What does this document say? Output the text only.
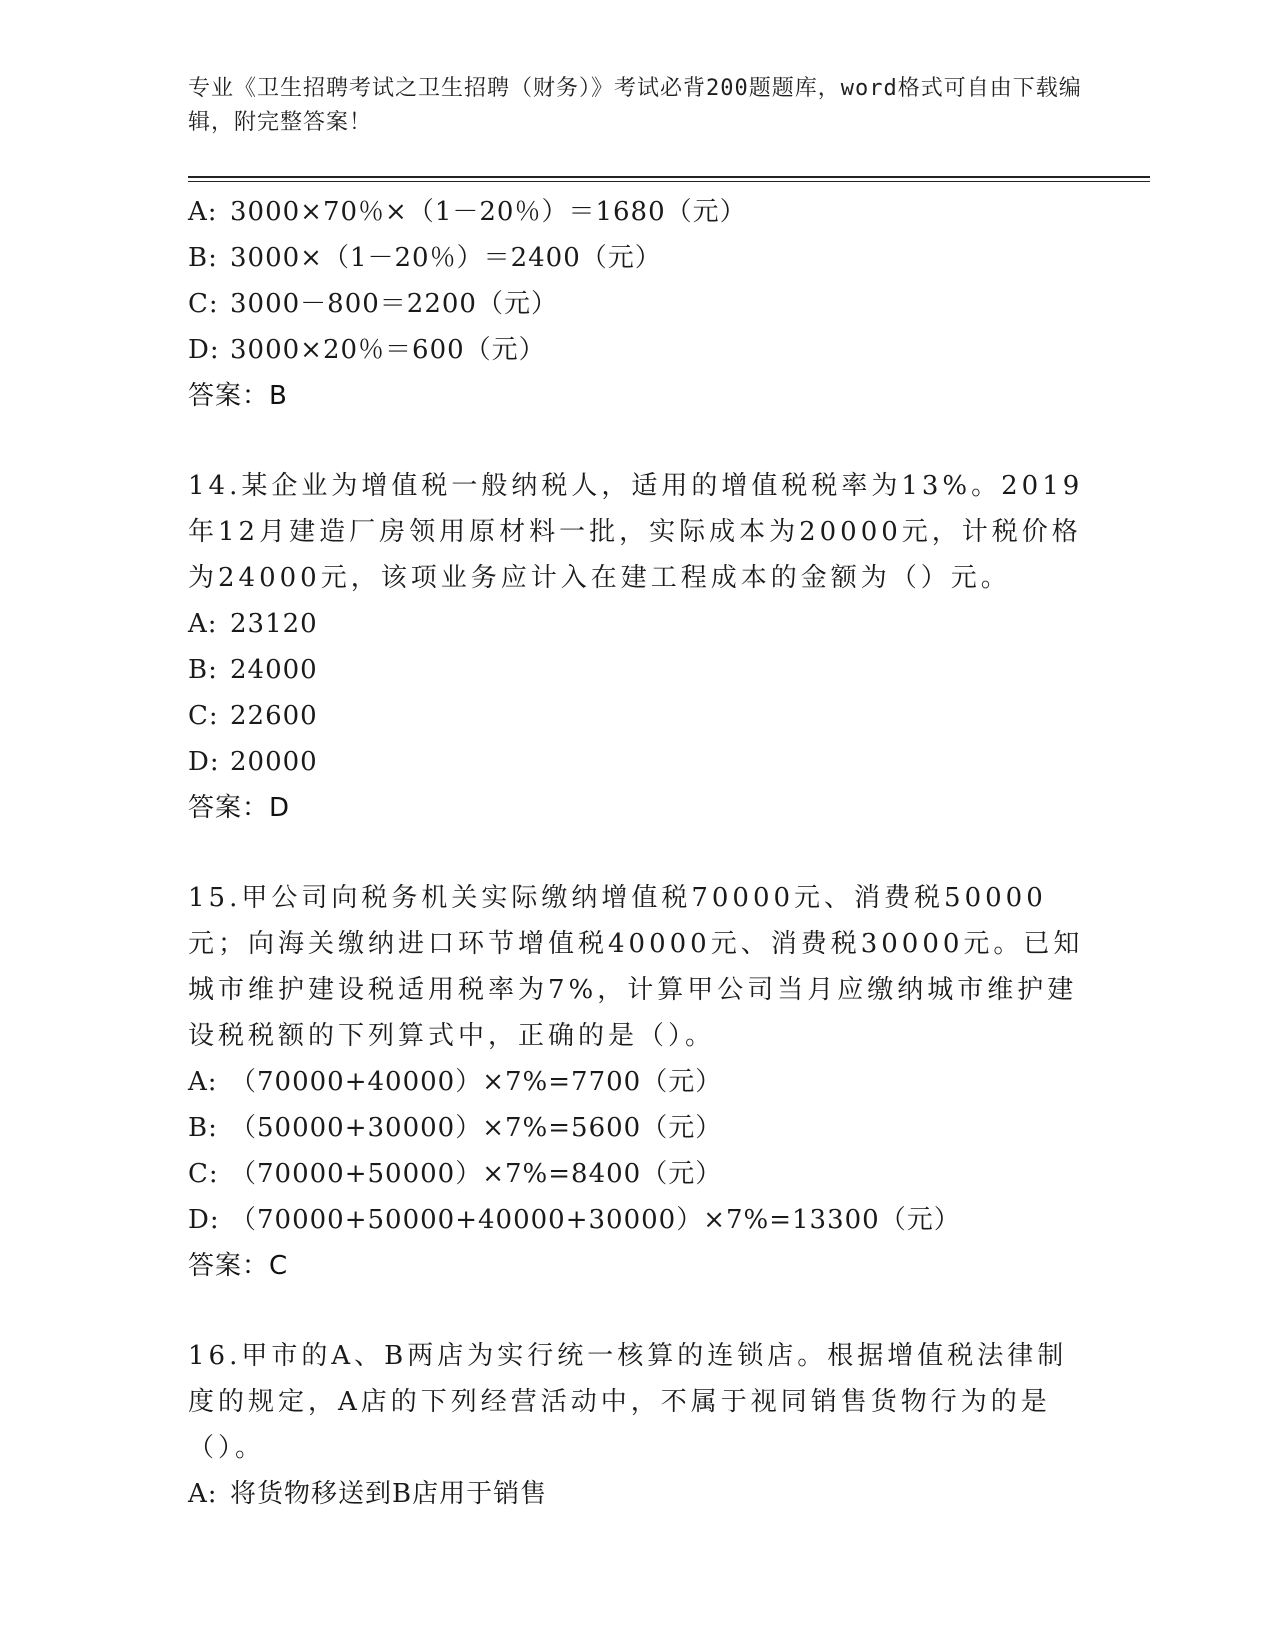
专业《卫生招聘考试之卫生招聘（财务）》考试必背200题题库，word格式可自由下载编辑，附完整答案！
A: 3000×70％×（1－20％）＝1680（元）
B: 3000×（1－20％）＝2400（元）
C: 3000－800＝2200（元）
D: 3000×20％＝600（元）
答案：B
14.某企业为增值税一般纳税人，适用的增值税税率为13%。2019年12月建造厂房领用原材料一批，实际成本为20000元，计税价格为24000元，该项业务应计入在建工程成本的金额为（）元。
A: 23120
B: 24000
C: 22600
D: 20000
答案：D
15.甲公司向税务机关实际缴纳增值税70000元、消费税50000元；向海关缴纳进口环节增值税40000元、消费税30000元。已知城市维护建设税适用税率为7%，计算甲公司当月应缴纳城市维护建设税税额的下列算式中，正确的是（）。
A: （70000+40000）×7%=7700（元）
B: （50000+30000）×7%=5600（元）
C: （70000+50000）×7%=8400（元）
D: （70000+50000+40000+30000）×7%=13300（元）
答案：C
16.甲市的A、B两店为实行统一核算的连锁店。根据增值税法律制度的规定，A店的下列经营活动中，不属于视同销售货物行为的是（）。
A: 将货物移送到B店用于销售
